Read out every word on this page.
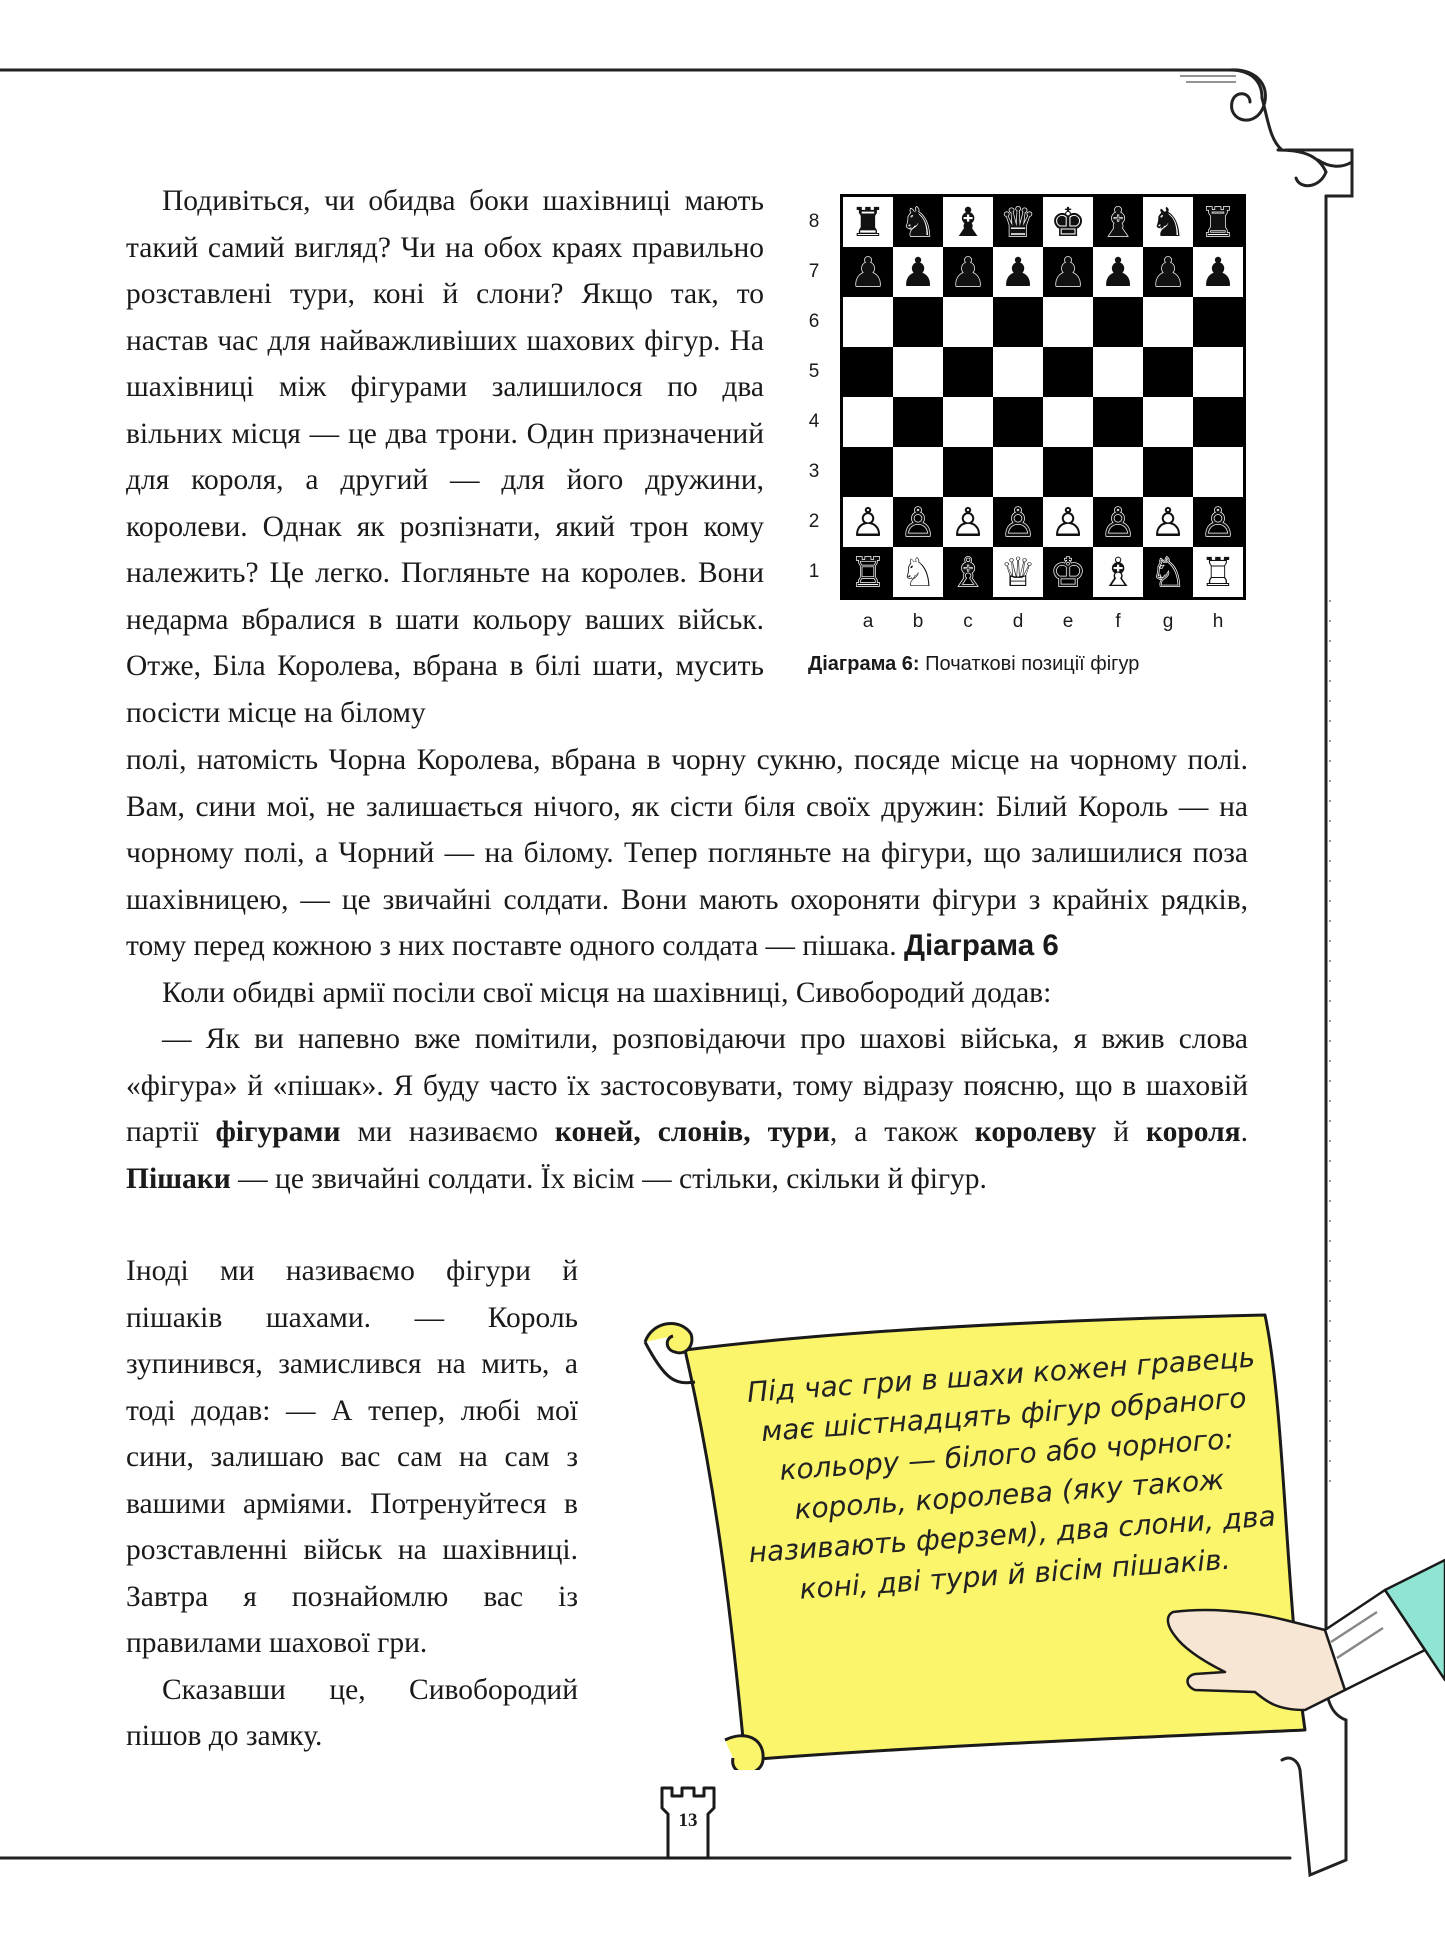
Подивіться, чи обидва боки шахівниці мають такий самий вигляд? Чи на обох краях правильно розставлені тури, коні й слони? Якщо так, то настав час для найважливіших шахових фігур. На шахівниці між фігурами залишилося по два вільних місця — це два трони. Один призначений для короля, а другий — для його дружини, королеви. Однак як розпізнати, який трон кому належить? Це легко. Погляньте на королев. Вони недарма вбралися в шати кольору ваших військ. Отже, Біла Королева, вбрана в білі шати, мусить посісти місце на білому

полі, натомість Чорна Королева, вбрана в чорну сукню, посяде місце на чорному полі. Вам, сини мої, не залишається нічого, як сісти біля своїх дружин: Білий Король — на чорному полі, а Чорний — на білому. Тепер погляньте на фігури, що залишилися поза шахівницею, — це звичайні солдати. Вони мають охороняти фігури з крайніх рядків, тому перед кожною з них поставте одного солдата — пішака. Діаграма 6

Коли обидві армії посіли свої місця на шахівниці, Сивобородий додав:

— Як ви напевно вже помітили, розповідаючи про шахові війська, я вжив слова «фігура» й «пішак». Я буду часто їх застосовувати, тому відразу поясню, що в шаховій партії фігурами ми називаємо коней, слонів, тури, а також королеву й короля. Пішаки — це звичайні солдати. Їх вісім — стільки, скільки й фігур.

Іноді ми називаємо фігури й пішаків шахами. — Король зупинився, замислився на мить, а тоді додав: — А тепер, любі мої сини, залишаю вас сам на сам з вашими арміями. Потренуйтеся в розставленні військ на шахівниці. Завтра я познайомлю вас із правилами шахової гри.

Сказавши це, Сивобородий пішов до замку.

8
7
6
5
4
3
2
1
♜ ♞ ♝ ♛ ♚ ♝ ♞ ♜
♟ ♟ ♟ ♟ ♟ ♟ ♟ ♟
♙ ♙ ♙ ♙ ♙ ♙ ♙ ♙
♖ ♘ ♗ ♕ ♔ ♗ ♘ ♖
a b c d e	f	g h
Діаграма 6: Початкові позиції фігур
Під час гри в шахи кожен гравець має шістнадцять фігур обраного кольору — білого або чорного: король, королева (яку також називають ферзем), два слони, два коні, дві тури й вісім пішаків.
13
